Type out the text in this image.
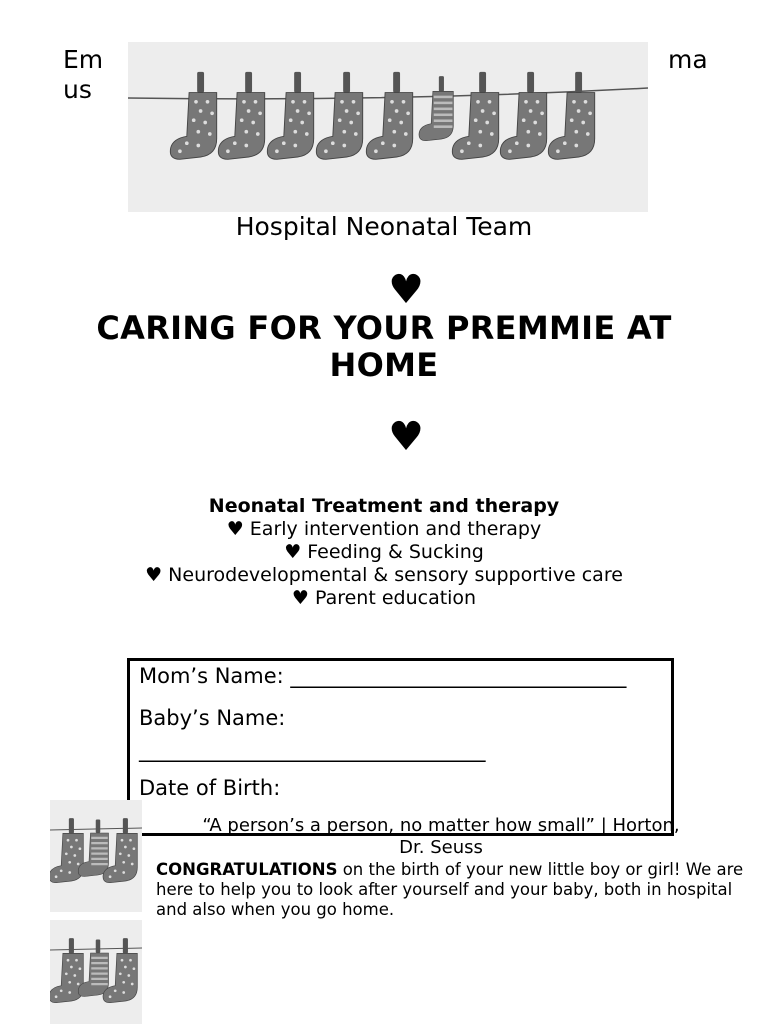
Em
us
ma
Hospital Neonatal Team
♥
CARING FOR YOUR PREMMIE AT
HOME
♥
Neonatal Treatment and therapy
♥ Early intervention and therapy
♥ Feeding & Sucking
♥ Neurodevelopmental & sensory supportive care
♥ Parent education
Mom’s Name: ________________________________
Baby’s Name:
_________________________________
Date of Birth:
“A person’s a person, no matter how small” | Horton,
Dr. Seuss
CONGRATULATIONS on the birth of your new little boy or girl! We are here to help you to look after yourself and your baby, both in hospital and also when you go home.
